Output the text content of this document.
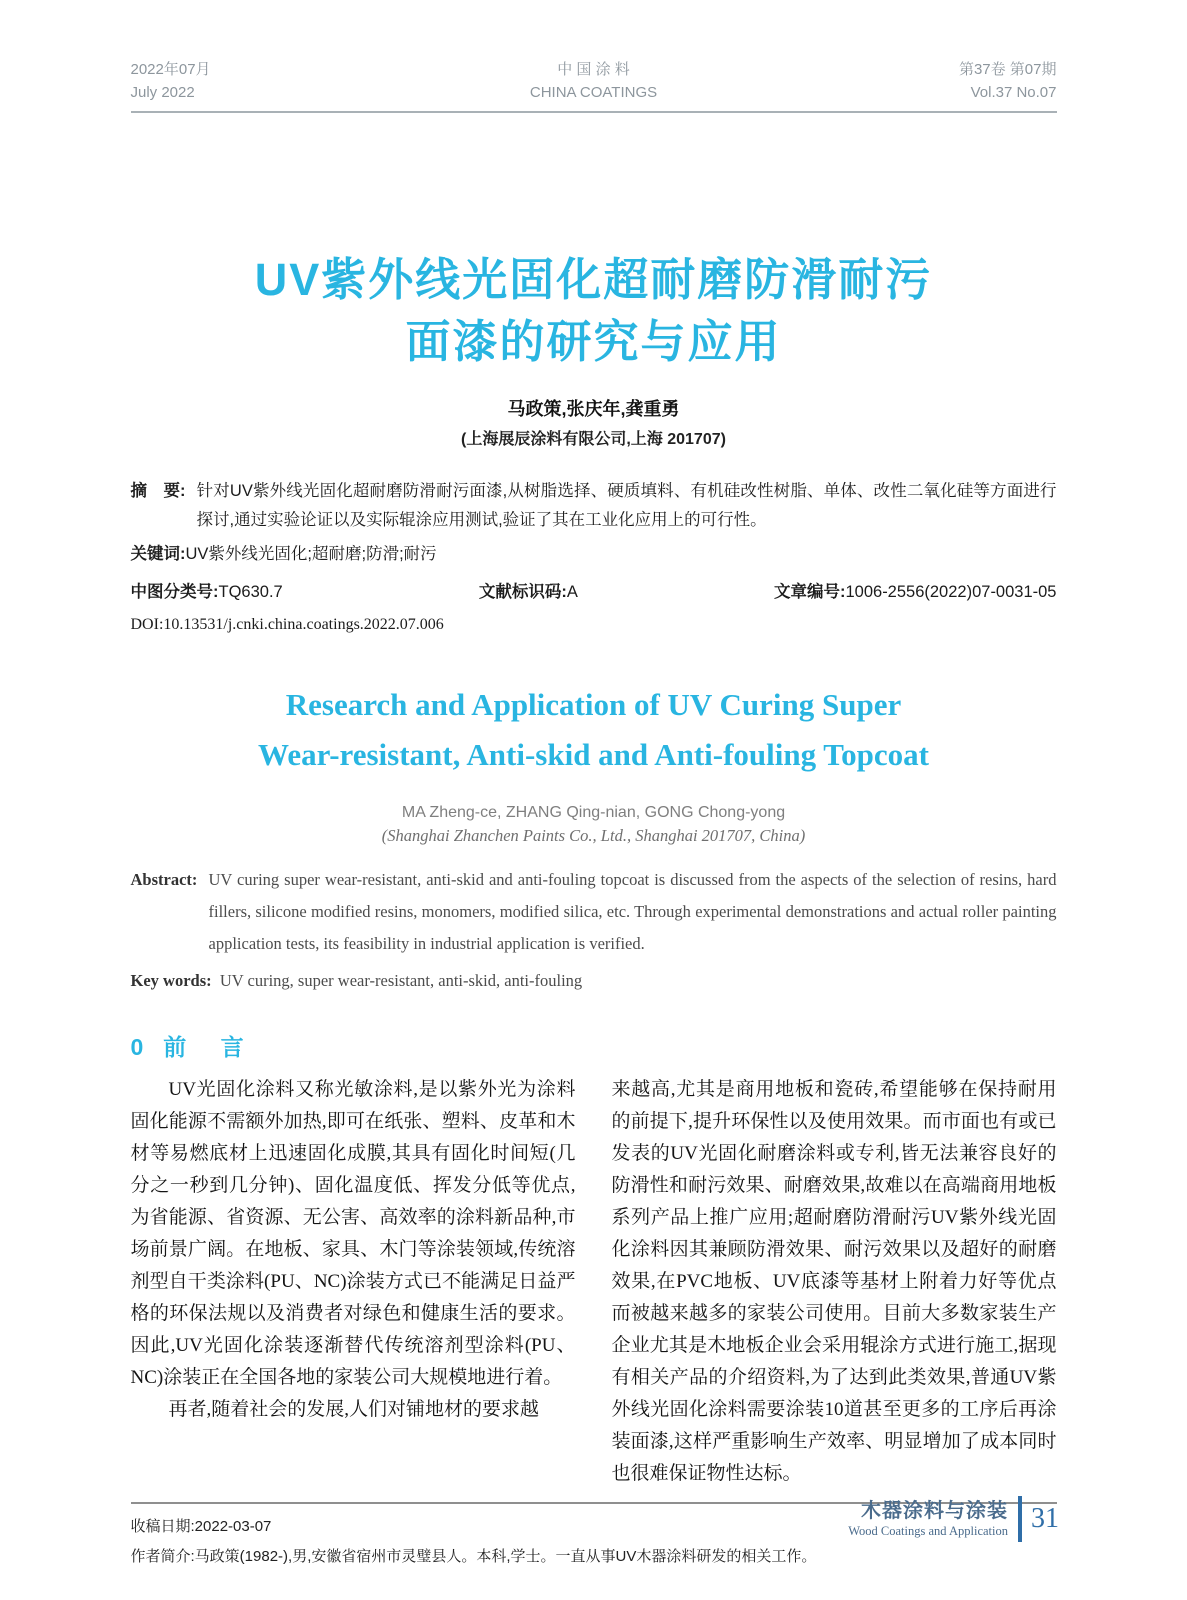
2022年07月
July 2022
中 国 涂 料
CHINA COATINGS
第37卷 第07期
Vol.37 No.07
UV紫外线光固化超耐磨防滑耐污
面漆的研究与应用
马政策,张庆年,龚重勇
(上海展辰涂料有限公司,上海 201707)

摘　要: 针对UV紫外线光固化超耐磨防滑耐污面漆,从树脂选择、硬质填料、有机硅改性树脂、单体、改性二氧化硅等方面进行探讨,通过实验论证以及实际辊涂应用测试,验证了其在工业化应用上的可行性。

关键词:UV紫外线光固化;超耐磨;防滑;耐污

中图分类号:TQ630.7	文献标识码:A	文章编号:1006-2556(2022)07-0031-05
DOI:10.13531/j.cnki.china.coatings.2022.07.006
Research and Application of UV Curing Super
Wear-resistant, Anti-skid and Anti-fouling Topcoat
MA Zheng-ce, ZHANG Qing-nian, GONG Chong-yong
(Shanghai Zhanchen Paints Co., Ltd., Shanghai 201707, China)

Abstract: UV curing super wear-resistant, anti-skid and anti-fouling topcoat is discussed from the aspects of the selection of resins, hard fillers, silicone modified resins, monomers, modified silica, etc. Through experimental demonstrations and actual roller painting application tests, its feasibility in industrial application is verified.

Key words: UV curing, super wear-resistant, anti-skid, anti-fouling

0 前 言

UV光固化涂料又称光敏涂料,是以紫外光为涂料固化能源不需额外加热,即可在纸张、塑料、皮革和木材等易燃底材上迅速固化成膜,其具有固化时间短(几分之一秒到几分钟)、固化温度低、挥发分低等优点,为省能源、省资源、无公害、高效率的涂料新品种,市场前景广阔。在地板、家具、木门等涂装领域,传统溶剂型自干类涂料(PU、NC)涂装方式已不能满足日益严格的环保法规以及消费者对绿色和健康生活的要求。因此,UV光固化涂装逐渐替代传统溶剂型涂料(PU、NC)涂装正在全国各地的家装公司大规模地进行着。

再者,随着社会的发展,人们对铺地材的要求越

来越高,尤其是商用地板和瓷砖,希望能够在保持耐用的前提下,提升环保性以及使用效果。而市面也有或已发表的UV光固化耐磨涂料或专利,皆无法兼容良好的防滑性和耐污效果、耐磨效果,故难以在高端商用地板系列产品上推广应用;超耐磨防滑耐污UV紫外线光固化涂料因其兼顾防滑效果、耐污效果以及超好的耐磨效果,在PVC地板、UV底漆等基材上附着力好等优点而被越来越多的家装公司使用。目前大多数家装生产企业尤其是木地板企业会采用辊涂方式进行施工,据现有相关产品的介绍资料,为了达到此类效果,普通UV紫外线光固化涂料需要涂装10道甚至更多的工序后再涂装面漆,这样严重影响生产效率、明显增加了成本同时也很难保证物性达标。

收稿日期:2022-03-07

作者简介:马政策(1982-),男,安徽省宿州市灵璧县人。本科,学士。一直从事UV木器涂料研发的相关工作。

木器涂料与涂装
Wood Coatings and Application 31
